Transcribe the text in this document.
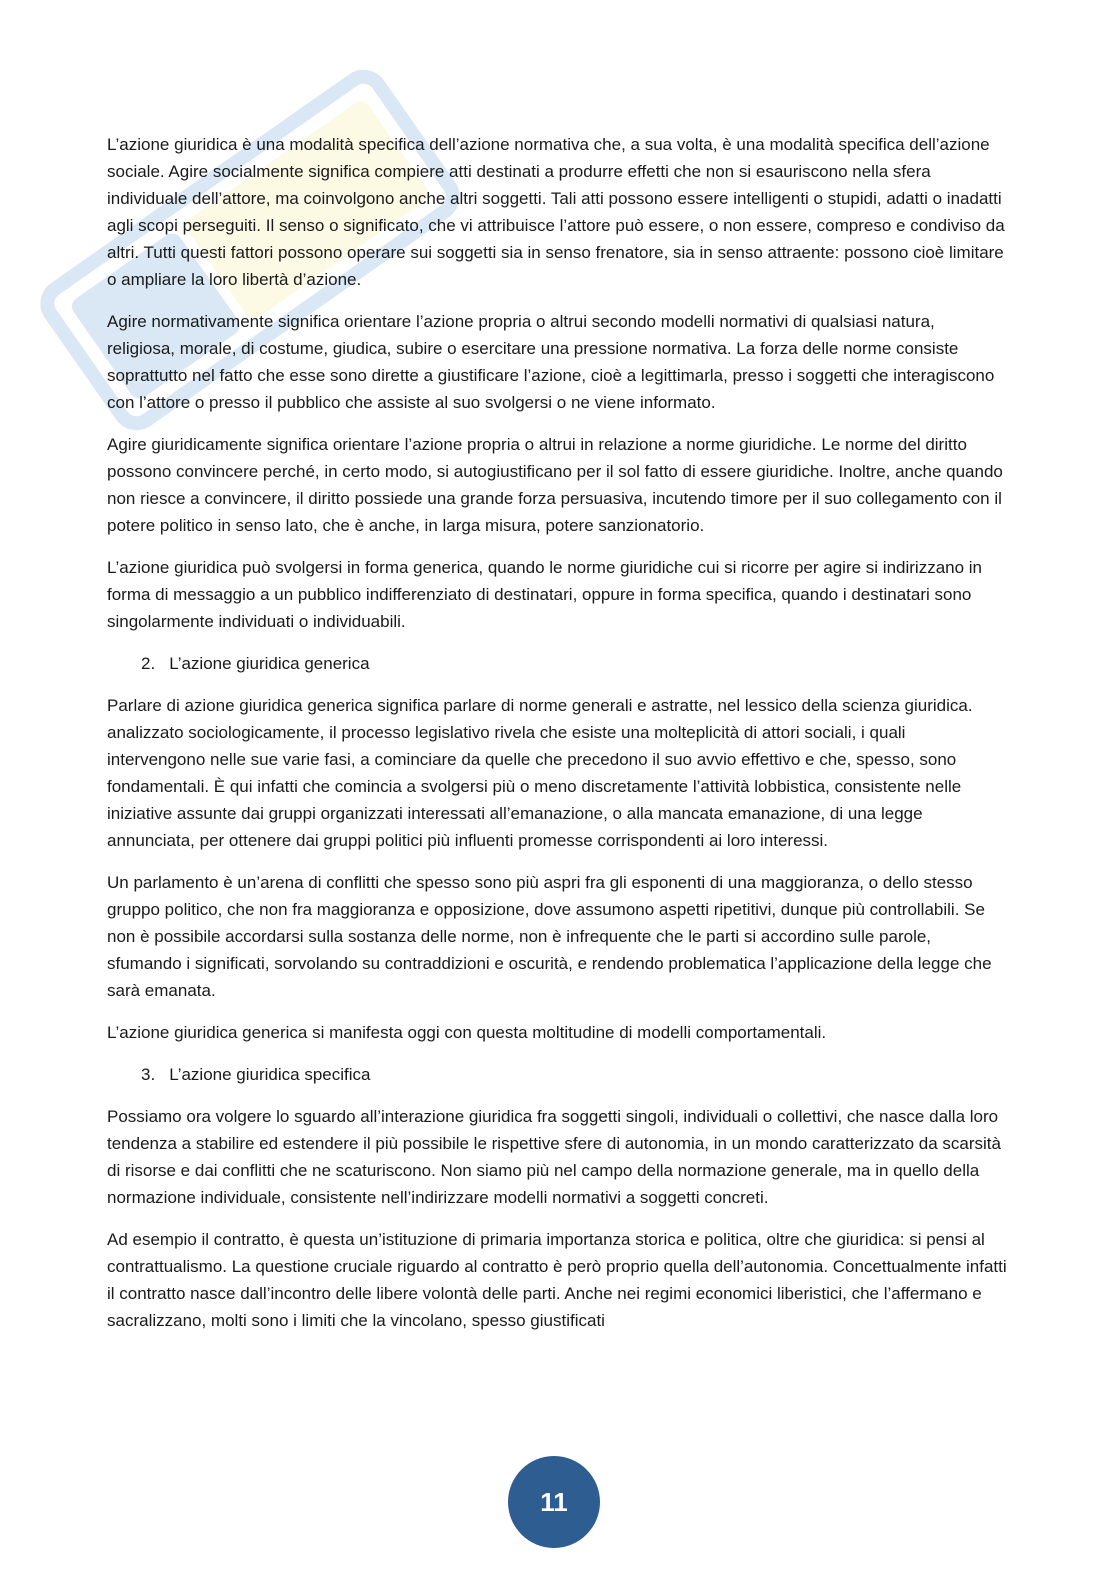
L’azione giuridica è una modalità specifica dell’azione normativa che, a sua volta, è una modalità specifica dell’azione sociale. Agire socialmente significa compiere atti destinati a produrre effetti che non si esauriscono nella sfera individuale dell’attore, ma coinvolgono anche altri soggetti. Tali atti possono essere intelligenti o stupidi, adatti o inadatti agli scopi perseguiti. Il senso o significato, che vi attribuisce l’attore può essere, o non essere, compreso e condiviso da altri. Tutti questi fattori possono operare sui soggetti sia in senso frenatore, sia in senso attraente: possono cioè limitare o ampliare la loro libertà d’azione.

Agire normativamente significa orientare l’azione propria o altrui secondo modelli normativi di qualsiasi natura, religiosa, morale, di costume, giudica, subire o esercitare una pressione normativa. La forza delle norme consiste soprattutto nel fatto che esse sono dirette a giustificare l’azione, cioè a legittimarla, presso i soggetti che interagiscono con l’attore o presso il pubblico che assiste al suo svolgersi o ne viene informato.

Agire giuridicamente significa orientare l’azione propria o altrui in relazione a norme giuridiche. Le norme del diritto possono convincere perché, in certo modo, si autogiustificano per il sol fatto di essere giuridiche. Inoltre, anche quando non riesce a convincere, il diritto possiede una grande forza persuasiva, incutendo timore per il suo collegamento con il potere politico in senso lato, che è anche, in larga misura, potere sanzionatorio.

L’azione giuridica può svolgersi in forma generica, quando le norme giuridiche cui si ricorre per agire si indirizzano in forma di messaggio a un pubblico indifferenziato di destinatari, oppure in forma specifica, quando i destinatari sono singolarmente individuati o individuabili.

2. L’azione giuridica generica

Parlare di azione giuridica generica significa parlare di norme generali e astratte, nel lessico della scienza giuridica. analizzato sociologicamente, il processo legislativo rivela che esiste una molteplicità di attori sociali, i quali intervengono nelle sue varie fasi, a cominciare da quelle che precedono il suo avvio effettivo e che, spesso, sono fondamentali. È qui infatti che comincia a svolgersi più o meno discretamente l’attività lobbistica, consistente nelle iniziative assunte dai gruppi organizzati interessati all’emanazione, o alla mancata emanazione, di una legge annunciata, per ottenere dai gruppi politici più influenti promesse corrispondenti ai loro interessi.

Un parlamento è un’arena di conflitti che spesso sono più aspri fra gli esponenti di una maggioranza, o dello stesso gruppo politico, che non fra maggioranza e opposizione, dove assumono aspetti ripetitivi, dunque più controllabili. Se non è possibile accordarsi sulla sostanza delle norme, non è infrequente che le parti si accordino sulle parole, sfumando i significati, sorvolando su contraddizioni e oscurità, e rendendo problematica l’applicazione della legge che sarà emanata.

L’azione giuridica generica si manifesta oggi con questa moltitudine di modelli comportamentali.

3. L’azione giuridica specifica

Possiamo ora volgere lo sguardo all’interazione giuridica fra soggetti singoli, individuali o collettivi, che nasce dalla loro tendenza a stabilire ed estendere il più possibile le rispettive sfere di autonomia, in un mondo caratterizzato da scarsità di risorse e dai conflitti che ne scaturiscono. Non siamo più nel campo della normazione generale, ma in quello della normazione individuale, consistente nell’indirizzare modelli normativi a soggetti concreti.

Ad esempio il contratto, è questa un’istituzione di primaria importanza storica e politica, oltre che giuridica: si pensi al contrattualismo. La questione cruciale riguardo al contratto è però proprio quella dell’autonomia. Concettualmente infatti il contratto nasce dall’incontro delle libere volontà delle parti. Anche nei regimi economici liberistici, che l’affermano e sacralizzano, molti sono i limiti che la vincolano, spesso giustificati

11
